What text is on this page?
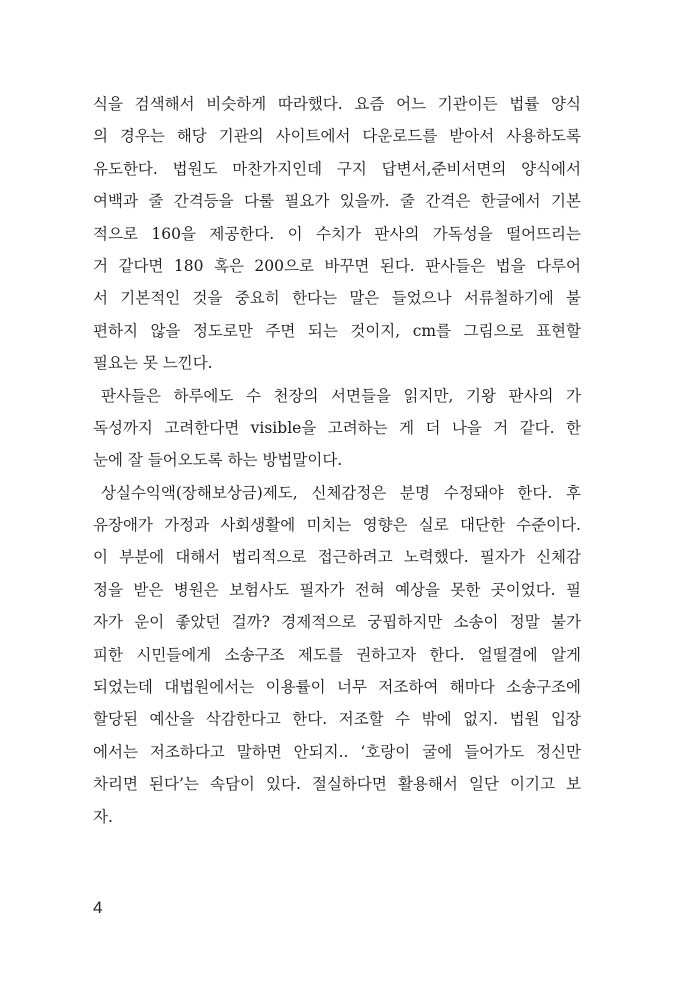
식을 검색해서 비슷하게 따라했다. 요즘 어느 기관이든 법률 양식
의 경우는 해당 기관의 사이트에서 다운로드를 받아서 사용하도록
유도한다. 법원도 마찬가지인데 구지 답변서,준비서면의 양식에서
여백과 줄 간격등을 다룰 필요가 있을까. 줄 간격은 한글에서 기본
적으로 160을 제공한다. 이 수치가 판사의 가독성을 떨어뜨리는
거 같다면 180 혹은 200으로 바꾸면 된다. 판사들은 법을 다루어
서 기본적인 것을 중요히 한다는 말은 들었으나 서류철하기에 불
편하지 않을 정도로만 주면 되는 것이지, cm를 그림으로 표현할
필요는 못 느낀다.
판사들은 하루에도 수 천장의 서면들을 읽지만, 기왕 판사의 가
독성까지 고려한다면 visible을 고려하는 게 더 나을 거 같다. 한
눈에 잘 들어오도록 하는 방법말이다.
상실수익액(장해보상금)제도, 신체감정은 분명 수정돼야 한다. 후
유장애가 가정과 사회생활에 미치는 영향은 실로 대단한 수준이다.
이 부분에 대해서 법리적으로 접근하려고 노력했다. 필자가 신체감
정을 받은 병원은 보험사도 필자가 전혀 예상을 못한 곳이었다. 필
자가 운이 좋았던 걸까? 경제적으로 궁핍하지만 소송이 정말 불가
피한 시민들에게 소송구조 제도를 권하고자 한다. 얼떨결에 알게
되었는데 대법원에서는 이용률이 너무 저조하여 해마다 소송구조에
할당된 예산을 삭감한다고 한다. 저조할 수 밖에 없지. 법원 입장
에서는 저조하다고 말하면 안되지.. ‘호랑이 굴에 들어가도 정신만
차리면 된다’는 속담이 있다. 절실하다면 활용해서 일단 이기고 보
자.
4
